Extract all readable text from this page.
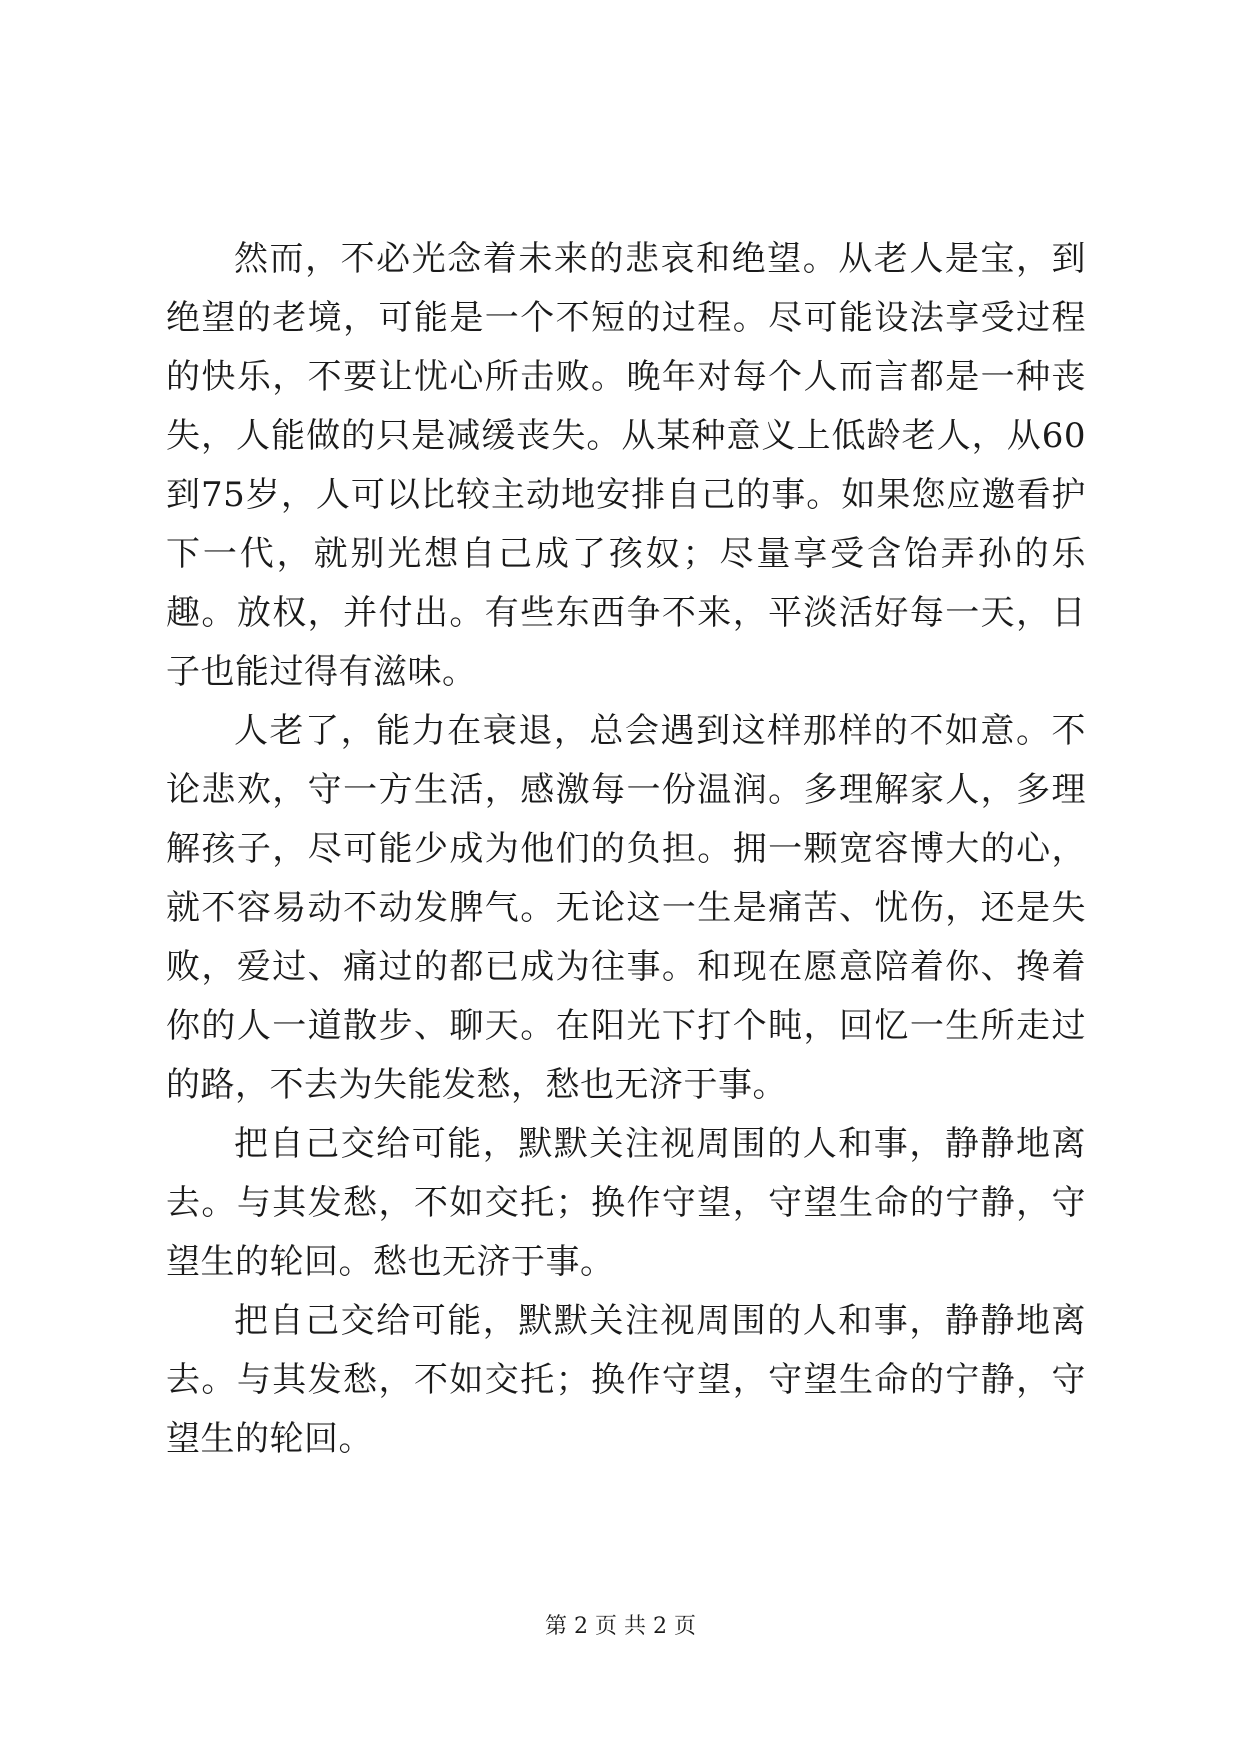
然而，不必光念着未来的悲哀和绝望。从老人是宝，到绝望的老境，可能是一个不短的过程。尽可能设法享受过程的快乐，不要让忧心所击败。晚年对每个人而言都是一种丧失，人能做的只是减缓丧失。从某种意义上低龄老人，从60到75岁，人可以比较主动地安排自己的事。如果您应邀看护下一代，就别光想自己成了孩奴；尽量享受含饴弄孙的乐趣。放权，并付出。有些东西争不来，平淡活好每一天，日子也能过得有滋味。

人老了，能力在衰退，总会遇到这样那样的不如意。不论悲欢，守一方生活，感激每一份温润。多理解家人，多理解孩子，尽可能少成为他们的负担。拥一颗宽容博大的心，就不容易动不动发脾气。无论这一生是痛苦、忧伤，还是失败，爱过、痛过的都已成为往事。和现在愿意陪着你、搀着你的人一道散步、聊天。在阳光下打个盹，回忆一生所走过的路，不去为失能发愁，愁也无济于事。

把自己交给可能，默默关注视周围的人和事，静静地离去。与其发愁，不如交托；换作守望，守望生命的宁静，守望生的轮回。愁也无济于事。

把自己交给可能，默默关注视周围的人和事，静静地离去。与其发愁，不如交托；换作守望，守望生命的宁静，守望生的轮回。

第 2 页 共 2 页
